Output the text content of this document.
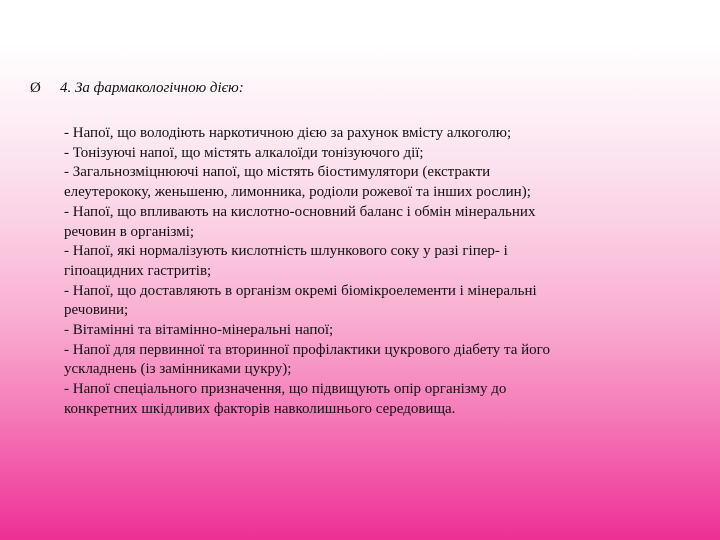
Ø	4. За фармакологічною дією:
- Напої, що володіють наркотичною дією за рахунок вмісту алкоголю;
- Тонізуючі напої, що містять алкалоїди тонізуючого дії;
- Загальнозміцнюючі напої, що містять біостимулятори (екстракти
елеутерококу, женьшеню, лимонника, родіоли рожевої та інших рослин);
- Напої, що впливають на кислотно-основний баланс і обмін мінеральних
речовин в організмі;
- Напої, які нормалізують кислотність шлункового соку у разі гіпер- і
гіпоацидних гастритів;
- Напої, що доставляють в організм окремі біомікроелементи і мінеральні
речовини;
- Вітамінні та вітамінно-мінеральні напої;
- Напої для первинної та вторинної профілактики цукрового діабету та його
ускладнень (із замінниками цукру);
- Напої спеціального призначення, що підвищують опір організму до
конкретних шкідливих факторів навколишнього середовища.
